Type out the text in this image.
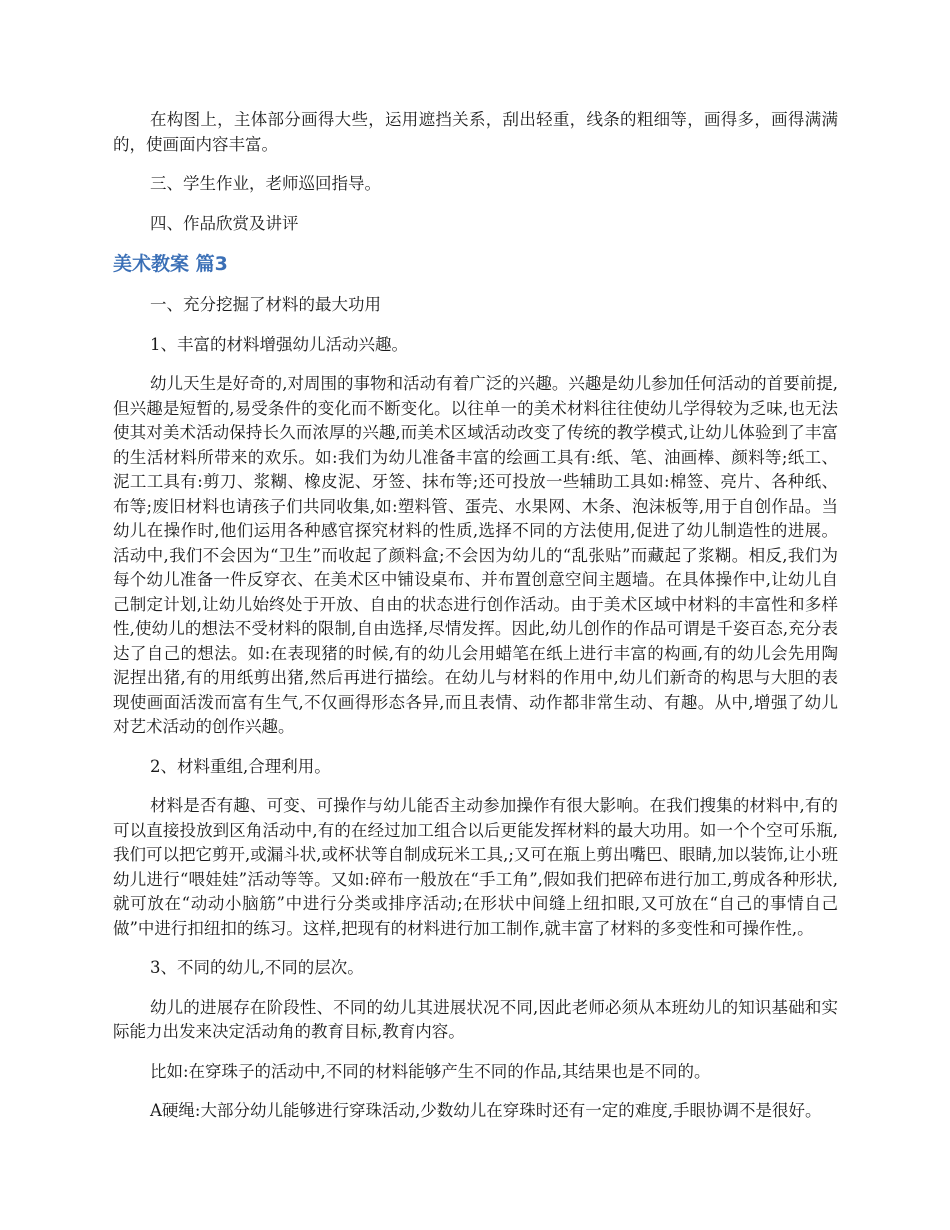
在构图上，主体部分画得大些，运用遮挡关系，刮出轻重，线条的粗细等，画得多，画得满满的，使画面内容丰富。

三、学生作业，老师巡回指导。

四、作品欣赏及讲评

美术教案 篇3

一、充分挖掘了材料的最大功用

1、丰富的材料增强幼儿活动兴趣。

幼儿天生是好奇的,对周围的事物和活动有着广泛的兴趣。兴趣是幼儿参加任何活动的首要前提,但兴趣是短暂的,易受条件的变化而不断变化。以往单一的美术材料往往使幼儿学得较为乏味,也无法使其对美术活动保持长久而浓厚的兴趣,而美术区域活动改变了传统的教学模式,让幼儿体验到了丰富的生活材料所带来的欢乐。如:我们为幼儿准备丰富的绘画工具有:纸、笔、油画棒、颜料等;纸工、泥工工具有:剪刀、浆糊、橡皮泥、牙签、抹布等;还可投放一些辅助工具如:棉签、亮片、各种纸、布等;废旧材料也请孩子们共同收集,如:塑料管、蛋壳、水果网、木条、泡沫板等,用于自创作品。当幼儿在操作时,他们运用各种感官探究材料的性质,选择不同的方法使用,促进了幼儿制造性的进展。活动中,我们不会因为“卫生”而收起了颜料盒;不会因为幼儿的“乱张贴”而藏起了浆糊。相反,我们为每个幼儿准备一件反穿衣、在美术区中铺设桌布、并布置创意空间主题墙。在具体操作中,让幼儿自己制定计划,让幼儿始终处于开放、自由的状态进行创作活动。由于美术区域中材料的丰富性和多样性,使幼儿的想法不受材料的限制,自由选择,尽情发挥。因此,幼儿创作的作品可谓是千姿百态,充分表达了自己的想法。如:在表现猪的时候,有的幼儿会用蜡笔在纸上进行丰富的构画,有的幼儿会先用陶泥捏出猪,有的用纸剪出猪,然后再进行描绘。在幼儿与材料的作用中,幼儿们新奇的构思与大胆的表现使画面活泼而富有生气,不仅画得形态各异,而且表情、动作都非常生动、有趣。从中,增强了幼儿对艺术活动的创作兴趣。

2、材料重组,合理利用。

材料是否有趣、可变、可操作与幼儿能否主动参加操作有很大影响。在我们搜集的材料中,有的可以直接投放到区角活动中,有的在经过加工组合以后更能发挥材料的最大功用。如一个个空可乐瓶,我们可以把它剪开,或漏斗状,或杯状等自制成玩米工具,;又可在瓶上剪出嘴巴、眼睛,加以装饰,让小班幼儿进行“喂娃娃”活动等等。又如:碎布一般放在“手工角”,假如我们把碎布进行加工,剪成各种形状,就可放在“动动小脑筋”中进行分类或排序活动;在形状中间缝上纽扣眼,又可放在“自己的事情自己做”中进行扣纽扣的练习。这样,把现有的材料进行加工制作,就丰富了材料的多变性和可操作性,。

3、不同的幼儿,不同的层次。

幼儿的进展存在阶段性、不同的幼儿其进展状况不同,因此老师必须从本班幼儿的知识基础和实际能力出发来决定活动角的教育目标,教育内容。

比如:在穿珠子的活动中,不同的材料能够产生不同的作品,其结果也是不同的。

A硬绳:大部分幼儿能够进行穿珠活动,少数幼儿在穿珠时还有一定的难度,手眼协调不是很好。
